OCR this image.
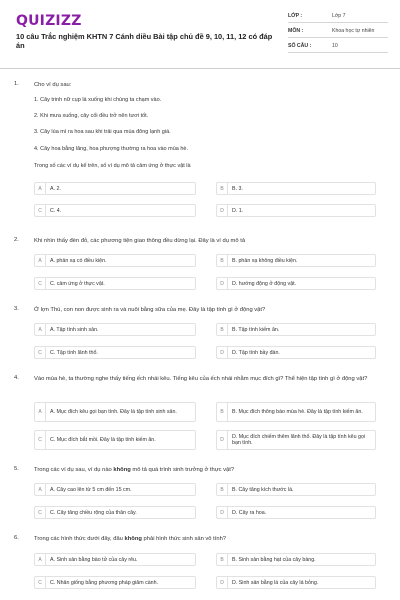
QUIZIZZ
10 câu Trắc nghiệm KHTN 7 Cánh diều Bài tập chủ đề 9, 10, 11, 12 có đáp án
LỚP :	Lớp 7
MÔN :	Khoa học tự nhiên
SỐ CÂU :	10
1.	Cho ví dụ sau:
1. Cây trinh nữ cụp lá xuống khi chúng ta chạm vào.
2. Khi mưa xuống, cây cối đều trở nên tươi tốt.
3. Cây lúa mì ra hoa sau khi trải qua mùa đông lạnh giá.
4. Cây hoa bằng lăng, hoa phượng thường ra hoa vào mùa hè.
Trong số các ví dụ kể trên, số ví dụ mô tả cảm ứng ở thực vật là
A	A. 2.	B	B. 3.
C	C. 4.	D	D. 1.
2.	Khi nhìn thấy đèn đỏ, các phương tiện giao thông đều dừng lại. Đây là ví dụ mô tả
A	A. phản xạ có điều kiện.	B	B. phản xạ không điều kiện.
C	C. cảm ứng ở thực vật.	D	D. hướng động ở động vật.
3.	Ở lợn Thú, con non được sinh ra và nuôi bằng sữa của mẹ. Đây là tập tính gì ở động vật?
A	A. Tập tính sinh sản.	B	B. Tập tính kiếm ăn.
C	C. Tập tính lãnh thổ.	D	D. Tập tính bầy đàn.
4.	Vào mùa hè, ta thường nghe thấy tiếng ếch nhái kêu. Tiếng kêu của ếch nhái nhằm mục đích gì? Thể hiện tập tính gì ở động vật?
A	A. Mục đích kêu gọi bạn tình. Đây là tập tính sinh sản.	B	B. Mục đích thông báo mùa hè. Đây là tập tính kiếm ăn.
C	C. Mục đích bắt mồi. Đây là tập tính kiếm ăn.	D	D. Mục đích chiếm thêm lãnh thổ. Đây là tập tính kêu gọi bạn tình.
5.	Trong các ví dụ sau, ví dụ nào không mô tả quá trình sinh trưởng ở thực vật?
A	A. Cây cao lên từ 5 cm đến 15 cm.	B	B. Cây tăng kích thước lá.
C	C. Cây tăng chiều rộng của thân cây.	D	D. Cây ra hoa.
6.	Trong các hình thức dưới đây, đâu không phải hình thức sinh sản vô tính?
A	A. Sinh sản bằng bào tử của cây rêu.	B	B. Sinh sản bằng hạt của cây bàng.
C	C. Nhân giống bằng phương pháp giâm cành.	D	D. Sinh sản bằng lá của cây lá bỏng.
